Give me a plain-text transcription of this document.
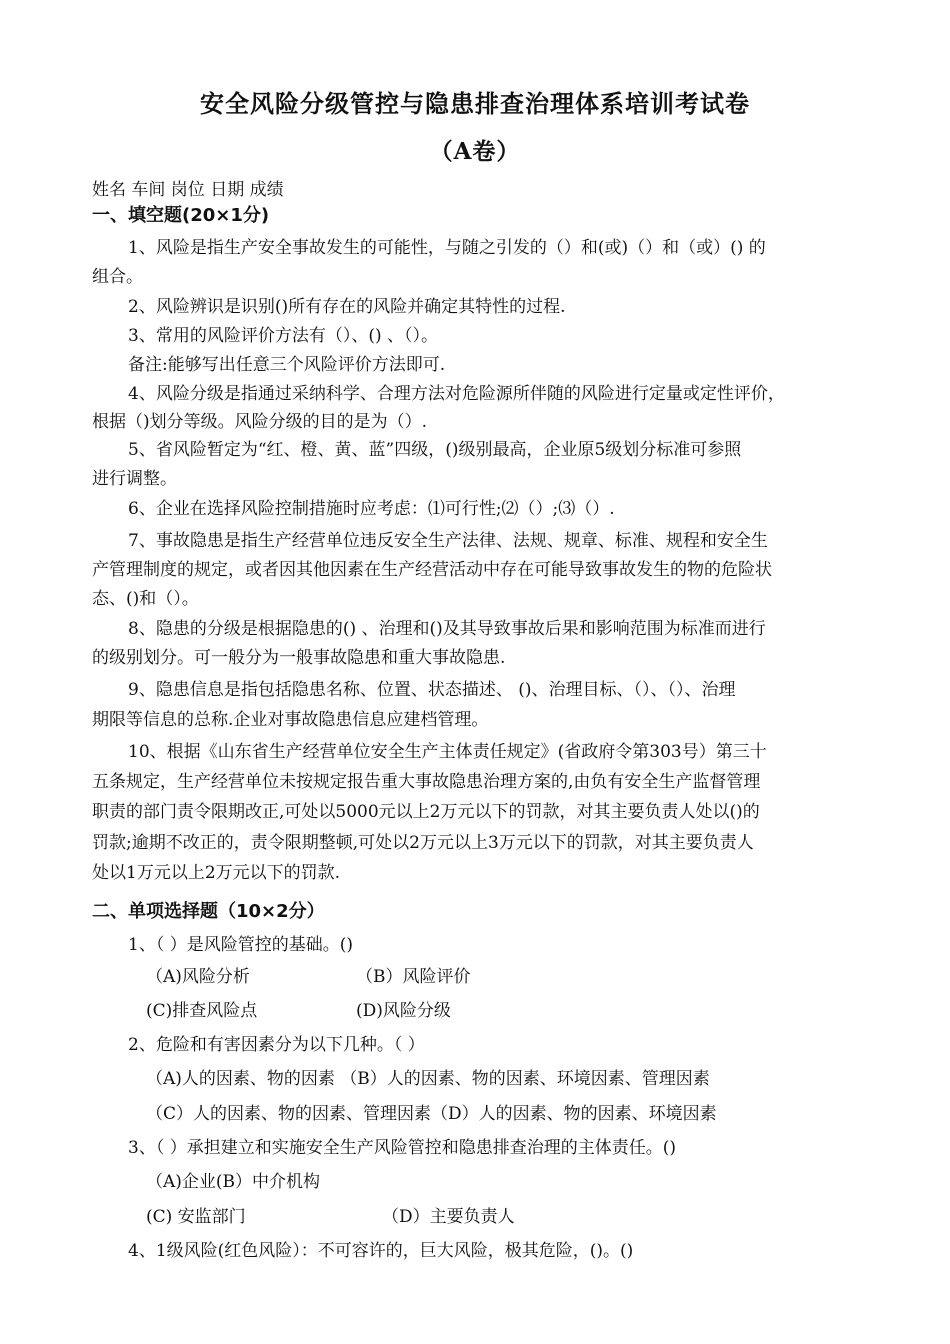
安全风险分级管控与隐患排查治理体系培训考试卷
（A卷）
姓名 车间 岗位 日期 成绩
一、填空题(20×1分)
1、风险是指生产安全事故发生的可能性，与随之引发的（）和(或)（）和（或）() 的
组合。
2、风险辨识是识别()所有存在的风险并确定其特性的过程.
3、常用的风险评价方法有（）、() 、（）。
备注:能够写出任意三个风险评价方法即可.
4、风险分级是指通过采纳科学、合理方法对危险源所伴随的风险进行定量或定性评价，
根据（)划分等级。风险分级的目的是为（）.
5、省风险暂定为“红、橙、黄、蓝”四级，()级别最高，企业原5级划分标准可参照
进行调整。
6、企业在选择风险控制措施时应考虑：⑴可行性;⑵（）;⑶（）.
7、事故隐患是指生产经营单位违反安全生产法律、法规、规章、标准、规程和安全生
产管理制度的规定，或者因其他因素在生产经营活动中存在可能导致事故发生的物的危险状
态、()和（）。
8、隐患的分级是根据隐患的() 、治理和()及其导致事故后果和影响范围为标准而进行
的级别划分。可一般分为一般事故隐患和重大事故隐患.
9、隐患信息是指包括隐患名称、位置、状态描述、 ()、治理目标、（）、（）、治理
期限等信息的总称.企业对事故隐患信息应建档管理。
10、根据《山东省生产经营单位安全生产主体责任规定》(省政府令第303号）第三十
五条规定，生产经营单位未按规定报告重大事故隐患治理方案的,由负有安全生产监督管理
职责的部门责令限期改正,可处以5000元以上2万元以下的罚款，对其主要负责人处以()的
罚款;逾期不改正的，责令限期整顿,可处以2万元以上3万元以下的罚款，对其主要负责人
处以1万元以上2万元以下的罚款.
二、单项选择题（10×2分）
1、（ ）是风险管控的基础。()
（A)风险分析	（B）风险评价
(C)排查风险点	(D)风险分级
2、危险和有害因素分为以下几种。（ ）
（A)人的因素、物的因素 （B）人的因素、物的因素、环境因素、管理因素
（C）人的因素、物的因素、管理因素（D）人的因素、物的因素、环境因素
3、（ ）承担建立和实施安全生产风险管控和隐患排查治理的主体责任。()
（A)企业(B）中介机构
(C) 安监部门	（D）主要负责人
4、1级风险(红色风险）：不可容许的，巨大风险，极其危险，()。()
